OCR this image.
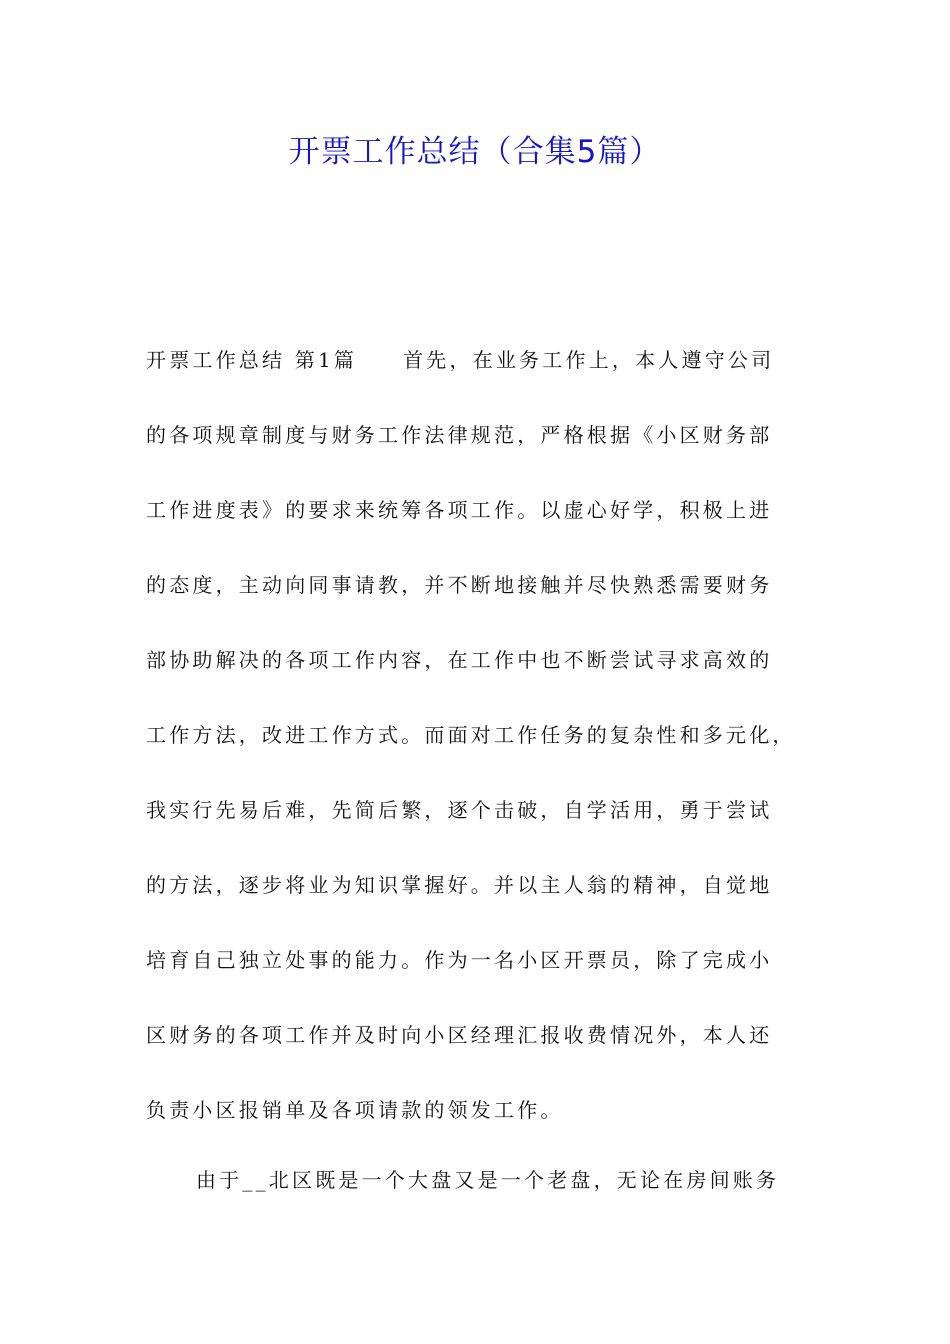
开票工作总结（合集5篇）
开票工作总结 第1篇 首先，在业务工作上，本人遵守公司
的各项规章制度与财务工作法律规范，严格根据《小区财务部
工作进度表》的要求来统筹各项工作。以虚心好学，积极上进
的态度，主动向同事请教，并不断地接触并尽快熟悉需要财务
部协助解决的各项工作内容，在工作中也不断尝试寻求高效的
工作方法，改进工作方式。而面对工作任务的复杂性和多元化，
我实行先易后难，先简后繁，逐个击破，自学活用，勇于尝试
的方法，逐步将业为知识掌握好。并以主人翁的精神，自觉地
培育自己独立处事的能力。作为一名小区开票员，除了完成小
区财务的各项工作并及时向小区经理汇报收费情况外，本人还
负责小区报销单及各项请款的领发工作。
由于__北区既是一个大盘又是一个老盘，无论在房间账务
